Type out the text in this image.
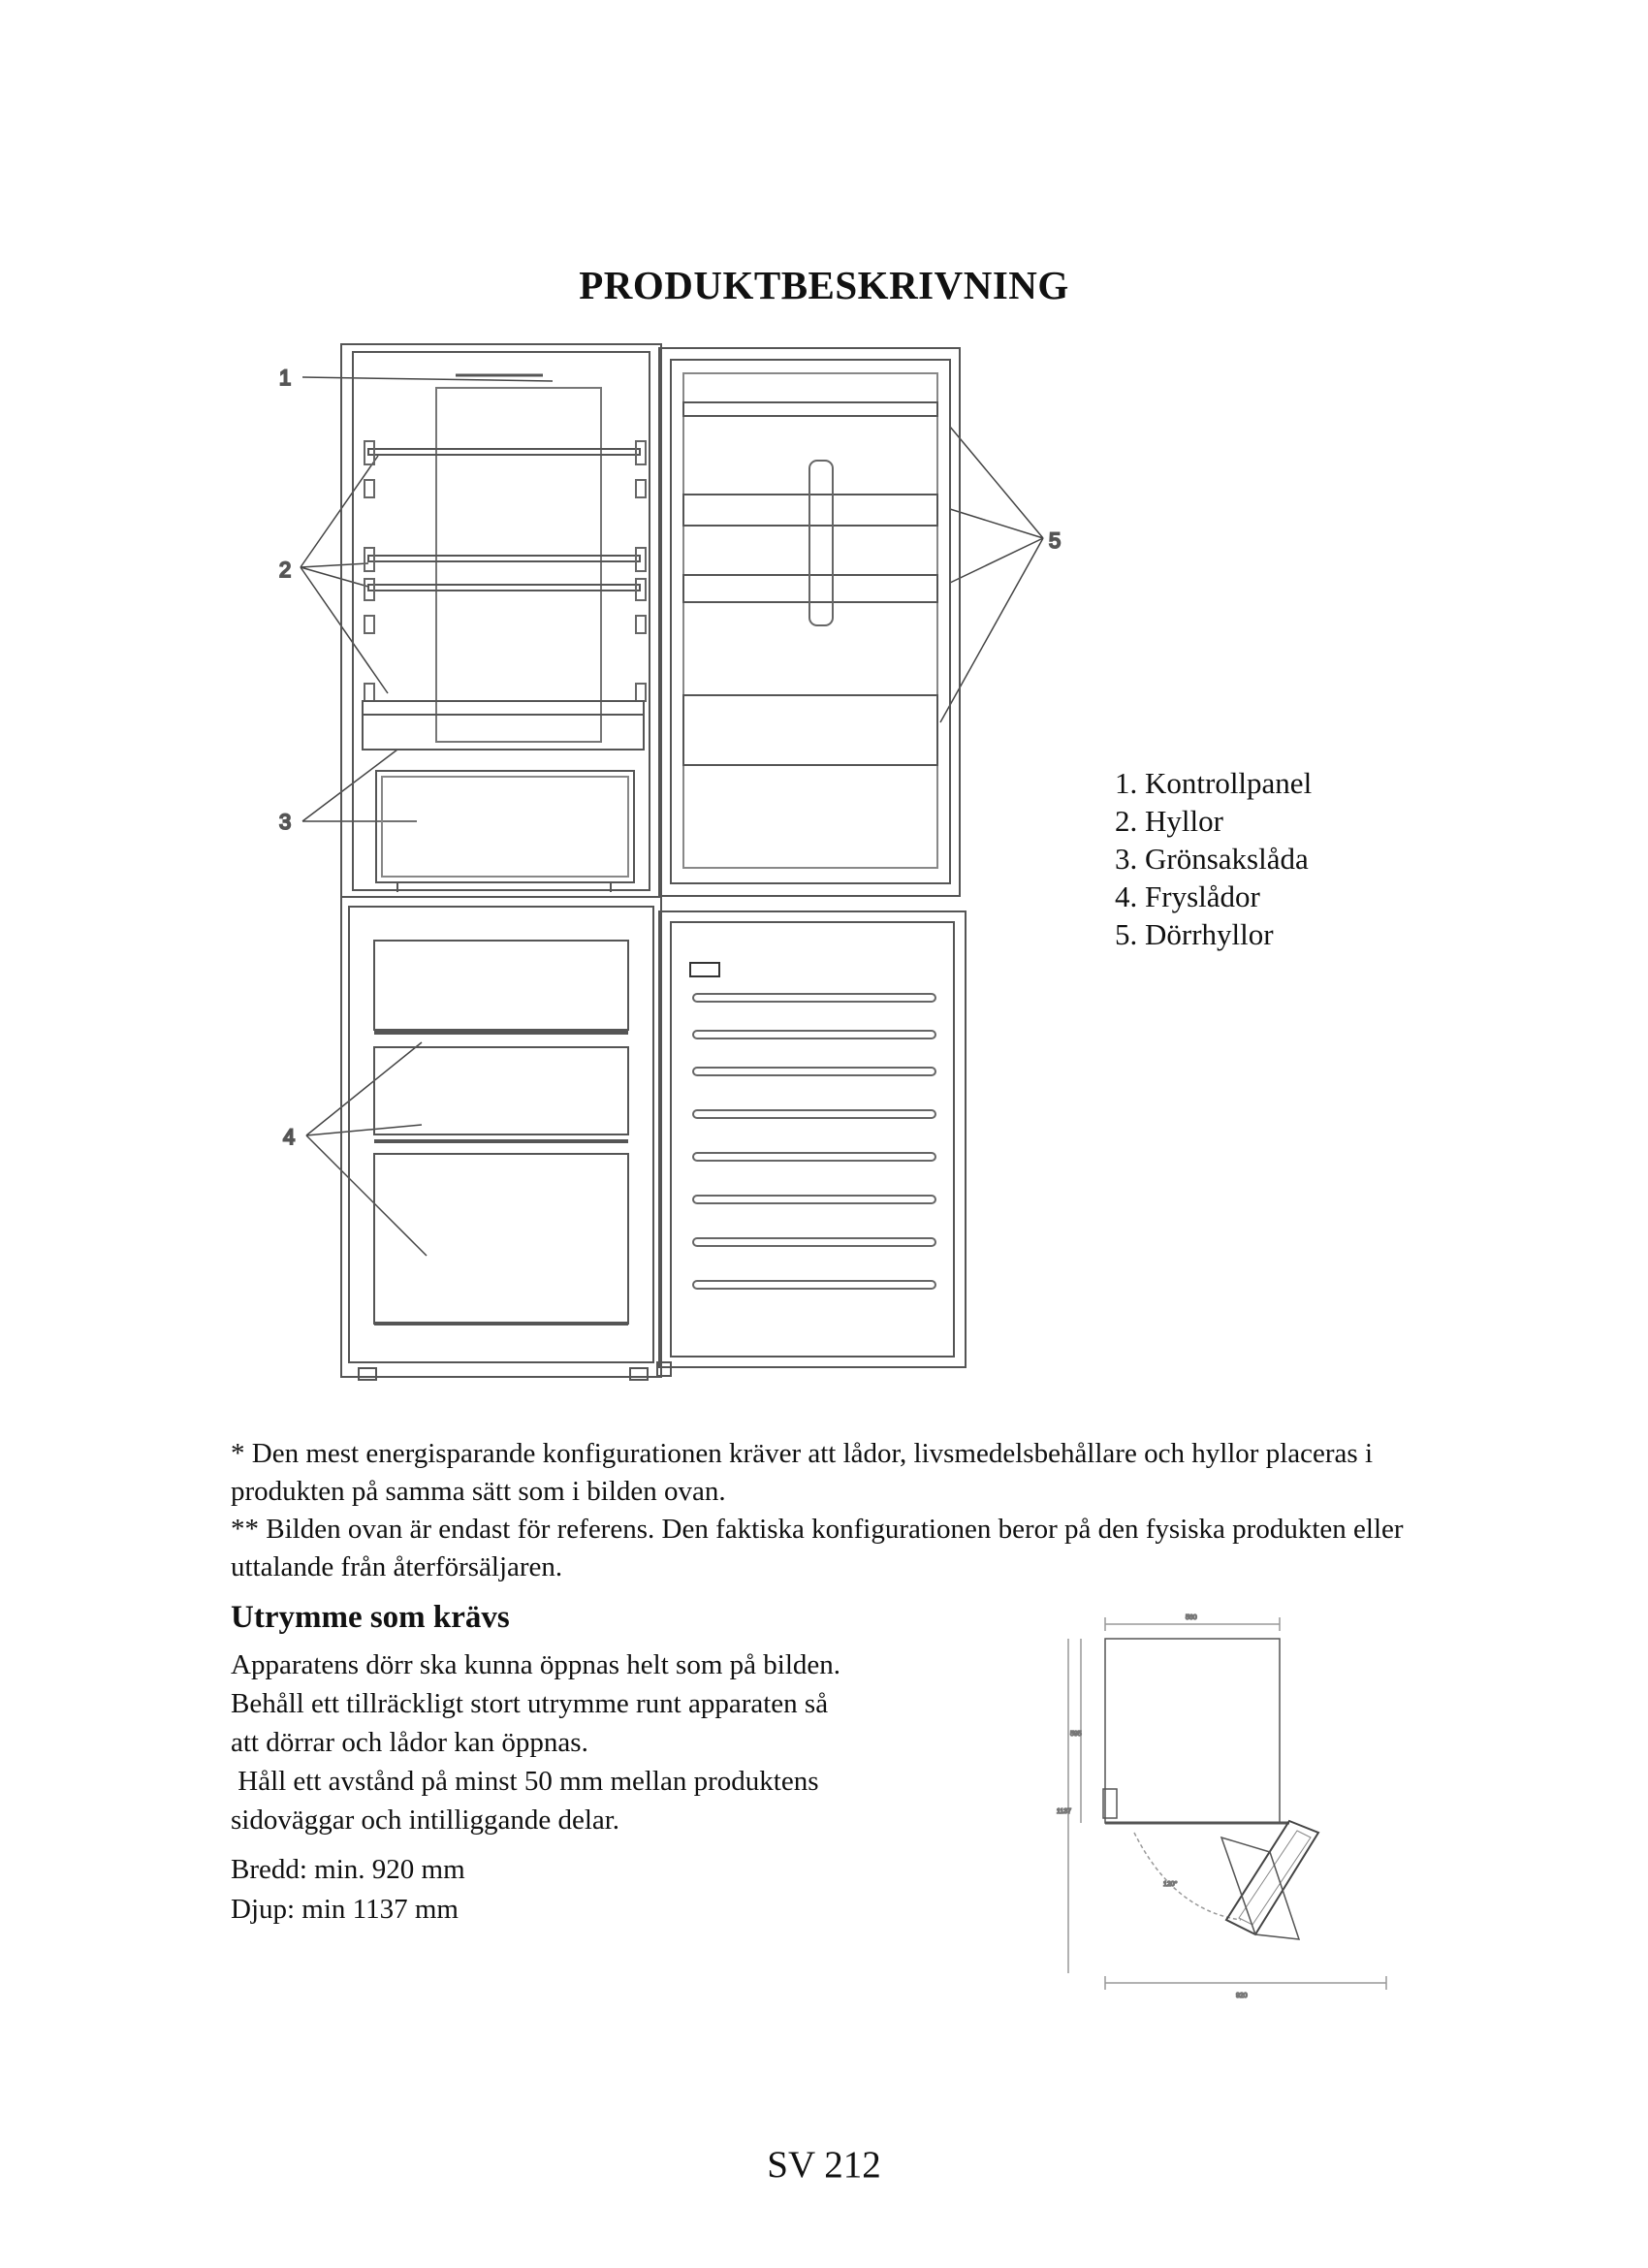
PRODUKTBESKRIVNING
1
2
3
4
5
1. Kontrollpanel
2. Hyllor
3. Grönsakslåda
4. Fryslådor
5. Dörrhyllor

* Den mest energisparande konfigurationen kräver att lådor, livsmedelsbehållare och hyllor placeras i produkten på samma sätt som i bilden ovan.

** Bilden ovan är endast för referens. Den faktiska konfigurationen beror på den fysiska produkten eller uttalande från återförsäljaren.

Utrymme som krävs

Apparatens dörr ska kunna öppnas helt som på bilden.

Behåll ett tillräckligt stort utrymme runt apparaten så

att dörrar och lådor kan öppnas.

Håll ett avstånd på minst 50 mm mellan produktens

sidoväggar och intilliggande delar.

Bredd: min. 920 mm

Djup: min 1137 mm

560
595
1137
920
120°
SV 212
